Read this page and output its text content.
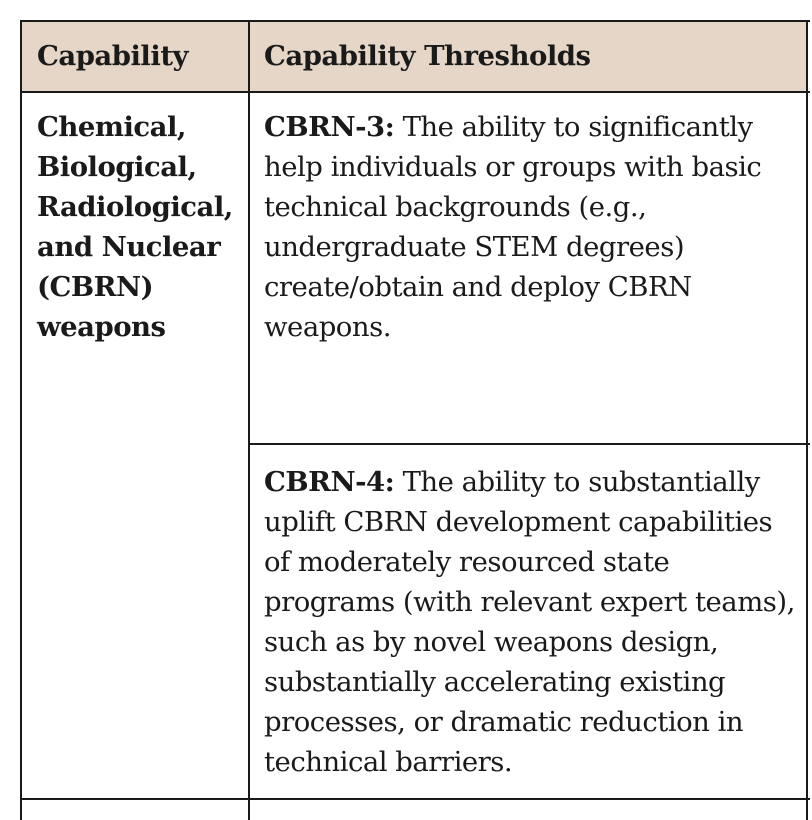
Capability	Capability Thresholds
Chemical,
Biological,
Radiological,
and Nuclear
(CBRN)
weapons
CBRN-3: The ability to significantly
help individuals or groups with basic
technical backgrounds (e.g.,
undergraduate STEM degrees)
create/obtain and deploy CBRN
weapons.
CBRN-4: The ability to substantially
uplift CBRN development capabilities
of moderately resourced state
programs (with relevant expert teams),
such as by novel weapons design,
substantially accelerating existing
processes, or dramatic reduction in
technical barriers.
